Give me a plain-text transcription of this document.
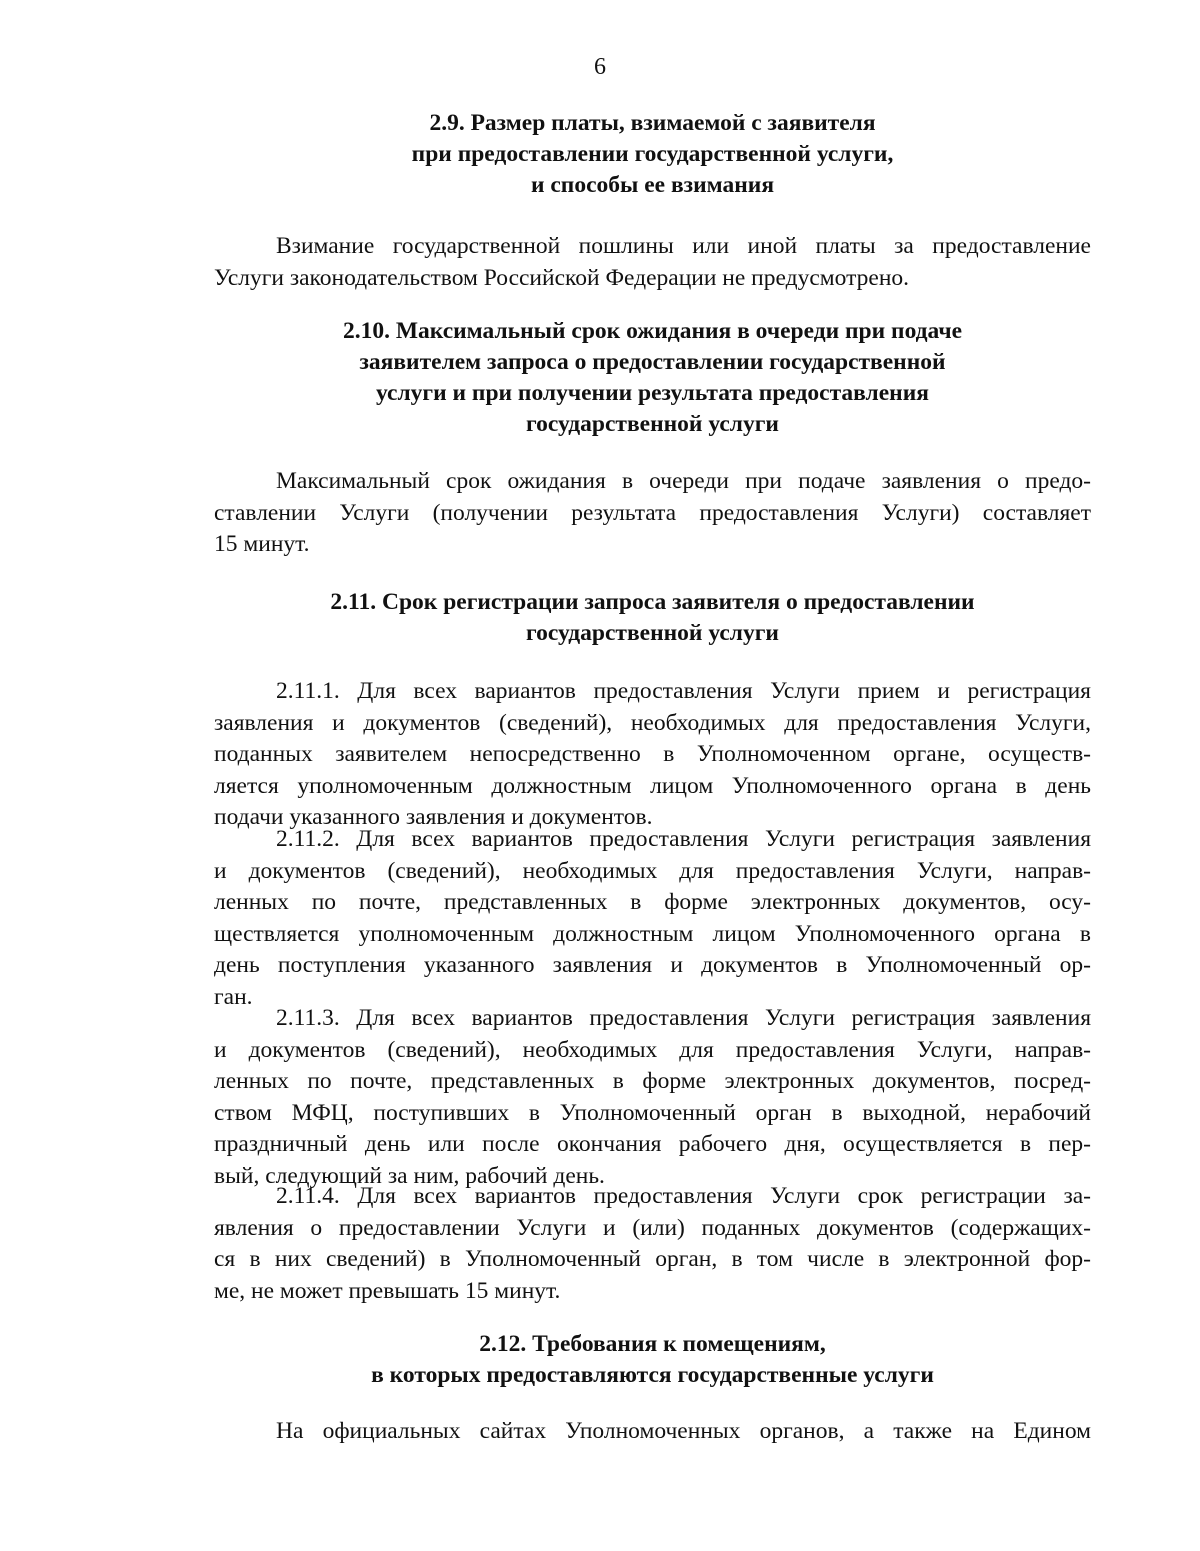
6
2.9. Размер платы, взимаемой с заявителя
при предоставлении государственной услуги,
и способы ее взимания
Взимание государственной пошлины или иной платы за предоставление
Услуги законодательством Российской Федерации не предусмотрено.
2.10. Максимальный срок ожидания в очереди при подаче
заявителем запроса о предоставлении государственной
услуги и при получении результата предоставления
государственной услуги
Максимальный срок ожидания в очереди при подаче заявления о предо-
ставлении Услуги (получении результата предоставления Услуги) составляет
15 минут.
2.11. Срок регистрации запроса заявителя о предоставлении
государственной услуги
2.11.1. Для всех вариантов предоставления Услуги прием и регистрация
заявления и документов (сведений), необходимых для предоставления Услуги,
поданных заявителем непосредственно в Уполномоченном органе, осуществ-
ляется уполномоченным должностным лицом Уполномоченного органа в день
подачи указанного заявления и документов.
2.11.2. Для всех вариантов предоставления Услуги регистрация заявления
и документов (сведений), необходимых для предоставления Услуги, направ-
ленных по почте, представленных в форме электронных документов, осу-
ществляется уполномоченным должностным лицом Уполномоченного органа в
день поступления указанного заявления и документов в Уполномоченный ор-
ган.
2.11.3. Для всех вариантов предоставления Услуги регистрация заявления
и документов (сведений), необходимых для предоставления Услуги, направ-
ленных по почте, представленных в форме электронных документов, посред-
ством МФЦ, поступивших в Уполномоченный орган в выходной, нерабочий
праздничный день или после окончания рабочего дня, осуществляется в пер-
вый, следующий за ним, рабочий день.
2.11.4. Для всех вариантов предоставления Услуги срок регистрации за-
явления о предоставлении Услуги и (или) поданных документов (содержащих-
ся в них сведений) в Уполномоченный орган, в том числе в электронной фор-
ме, не может превышать 15 минут.
2.12. Требования к помещениям,
в которых предоставляются государственные услуги
На официальных сайтах Уполномоченных органов, а также на Едином
